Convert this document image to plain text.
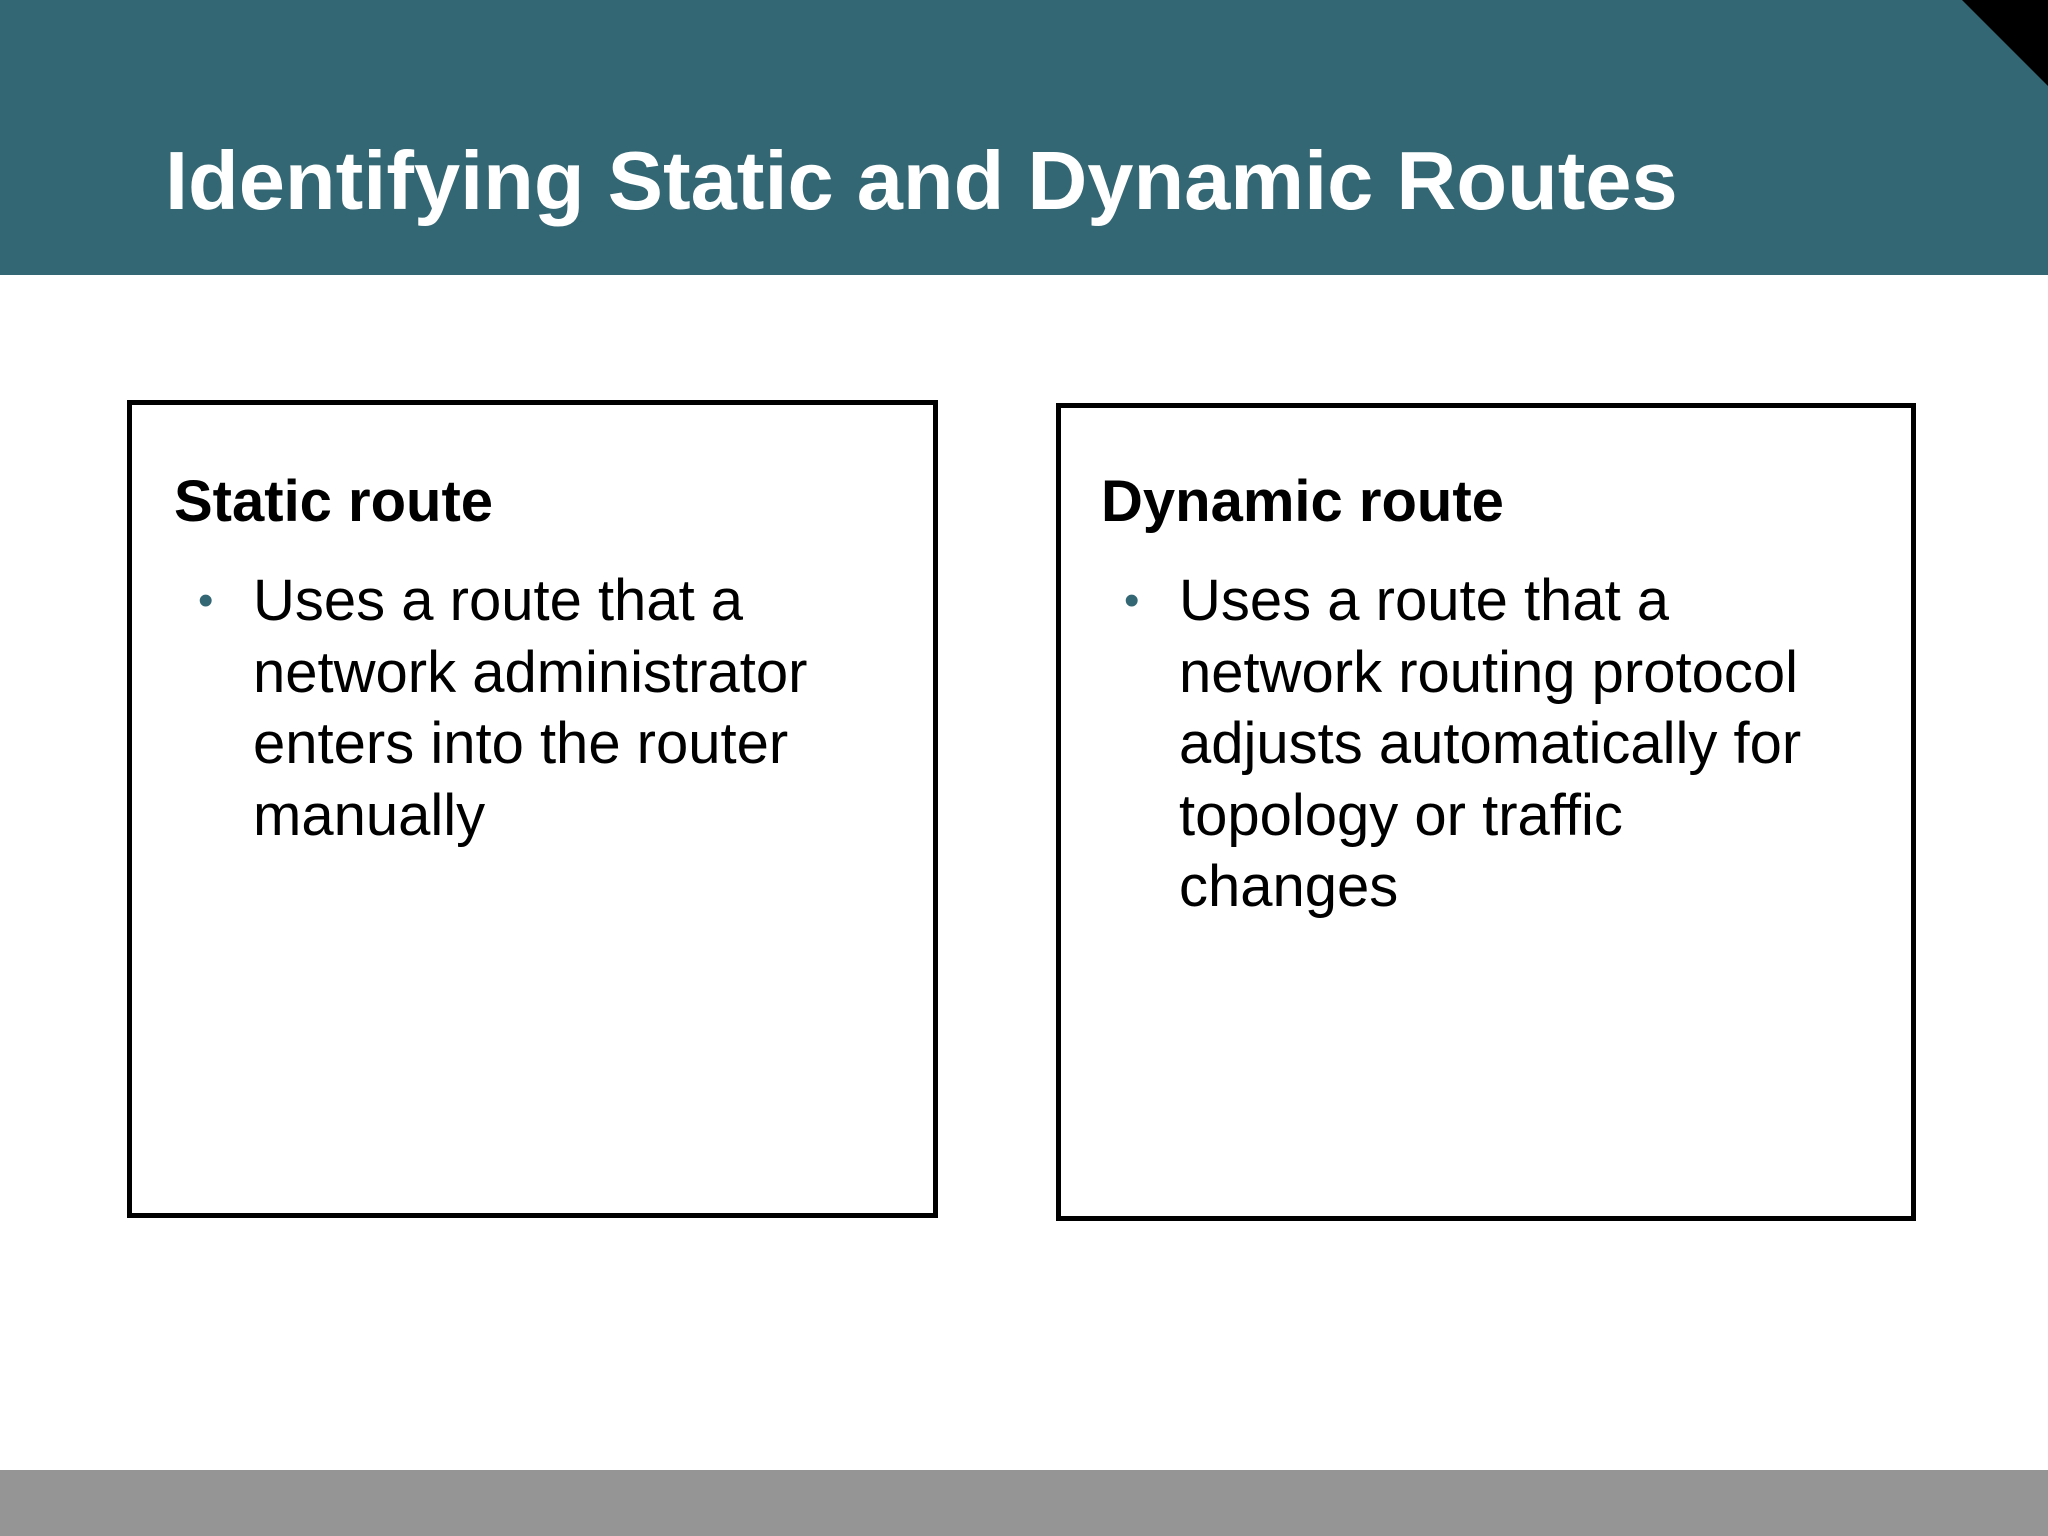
Identifying Static and Dynamic Routes
Static route
• Uses a route that a
network administrator
enters into the router
manually
Dynamic route
• Uses a route that a
network routing protocol
adjusts automatically for
topology or traffic
changes
